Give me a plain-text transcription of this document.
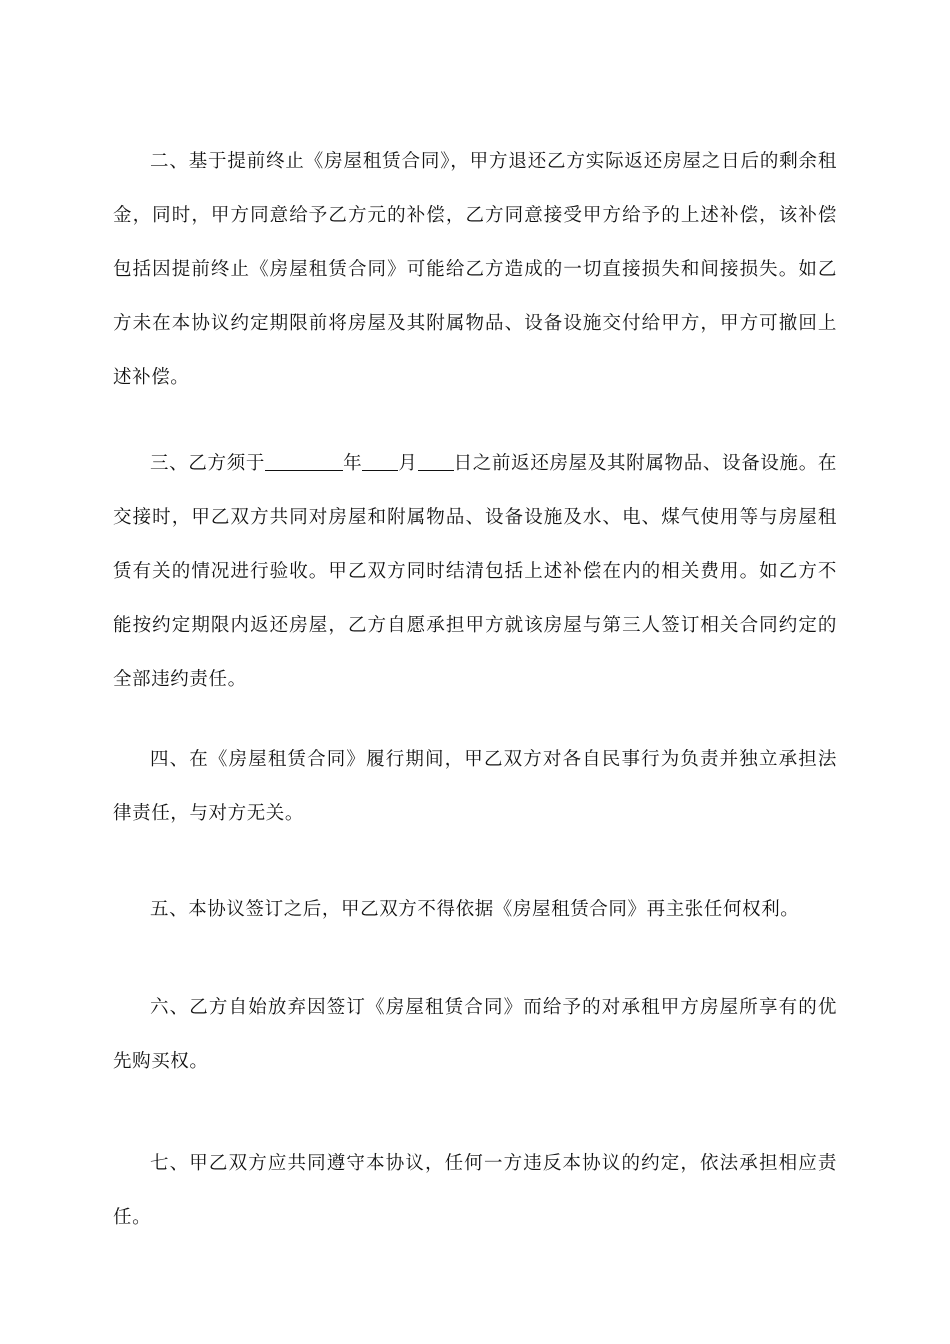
二、基于提前终止《房屋租赁合同》，甲方退还乙方实际返还房屋之日后的剩余租金，同时，甲方同意给予乙方元的补偿，乙方同意接受甲方给予的上述补偿，该补偿包括因提前终止《房屋租赁合同》可能给乙方造成的一切直接损失和间接损失。如乙方未在本协议约定期限前将房屋及其附属物品、设备设施交付给甲方，甲方可撤回上述补偿。

三、乙方须于	年 月 日之前返还房屋及其附属物品、设备设施。在交接时，甲乙双方共同对房屋和附属物品、设备设施及水、电、煤气使用等与房屋租赁有关的情况进行验收。甲乙双方同时结清包括上述补偿在内的相关费用。如乙方不能按约定期限内返还房屋，乙方自愿承担甲方就该房屋与第三人签订相关合同约定的全部违约责任。

四、在《房屋租赁合同》履行期间，甲乙双方对各自民事行为负责并独立承担法律责任，与对方无关。

五、本协议签订之后，甲乙双方不得依据《房屋租赁合同》再主张任何权利。

六、乙方自始放弃因签订《房屋租赁合同》而给予的对承租甲方房屋所享有的优先购买权。

七、甲乙双方应共同遵守本协议，任何一方违反本协议的约定，依法承担相应责任。
